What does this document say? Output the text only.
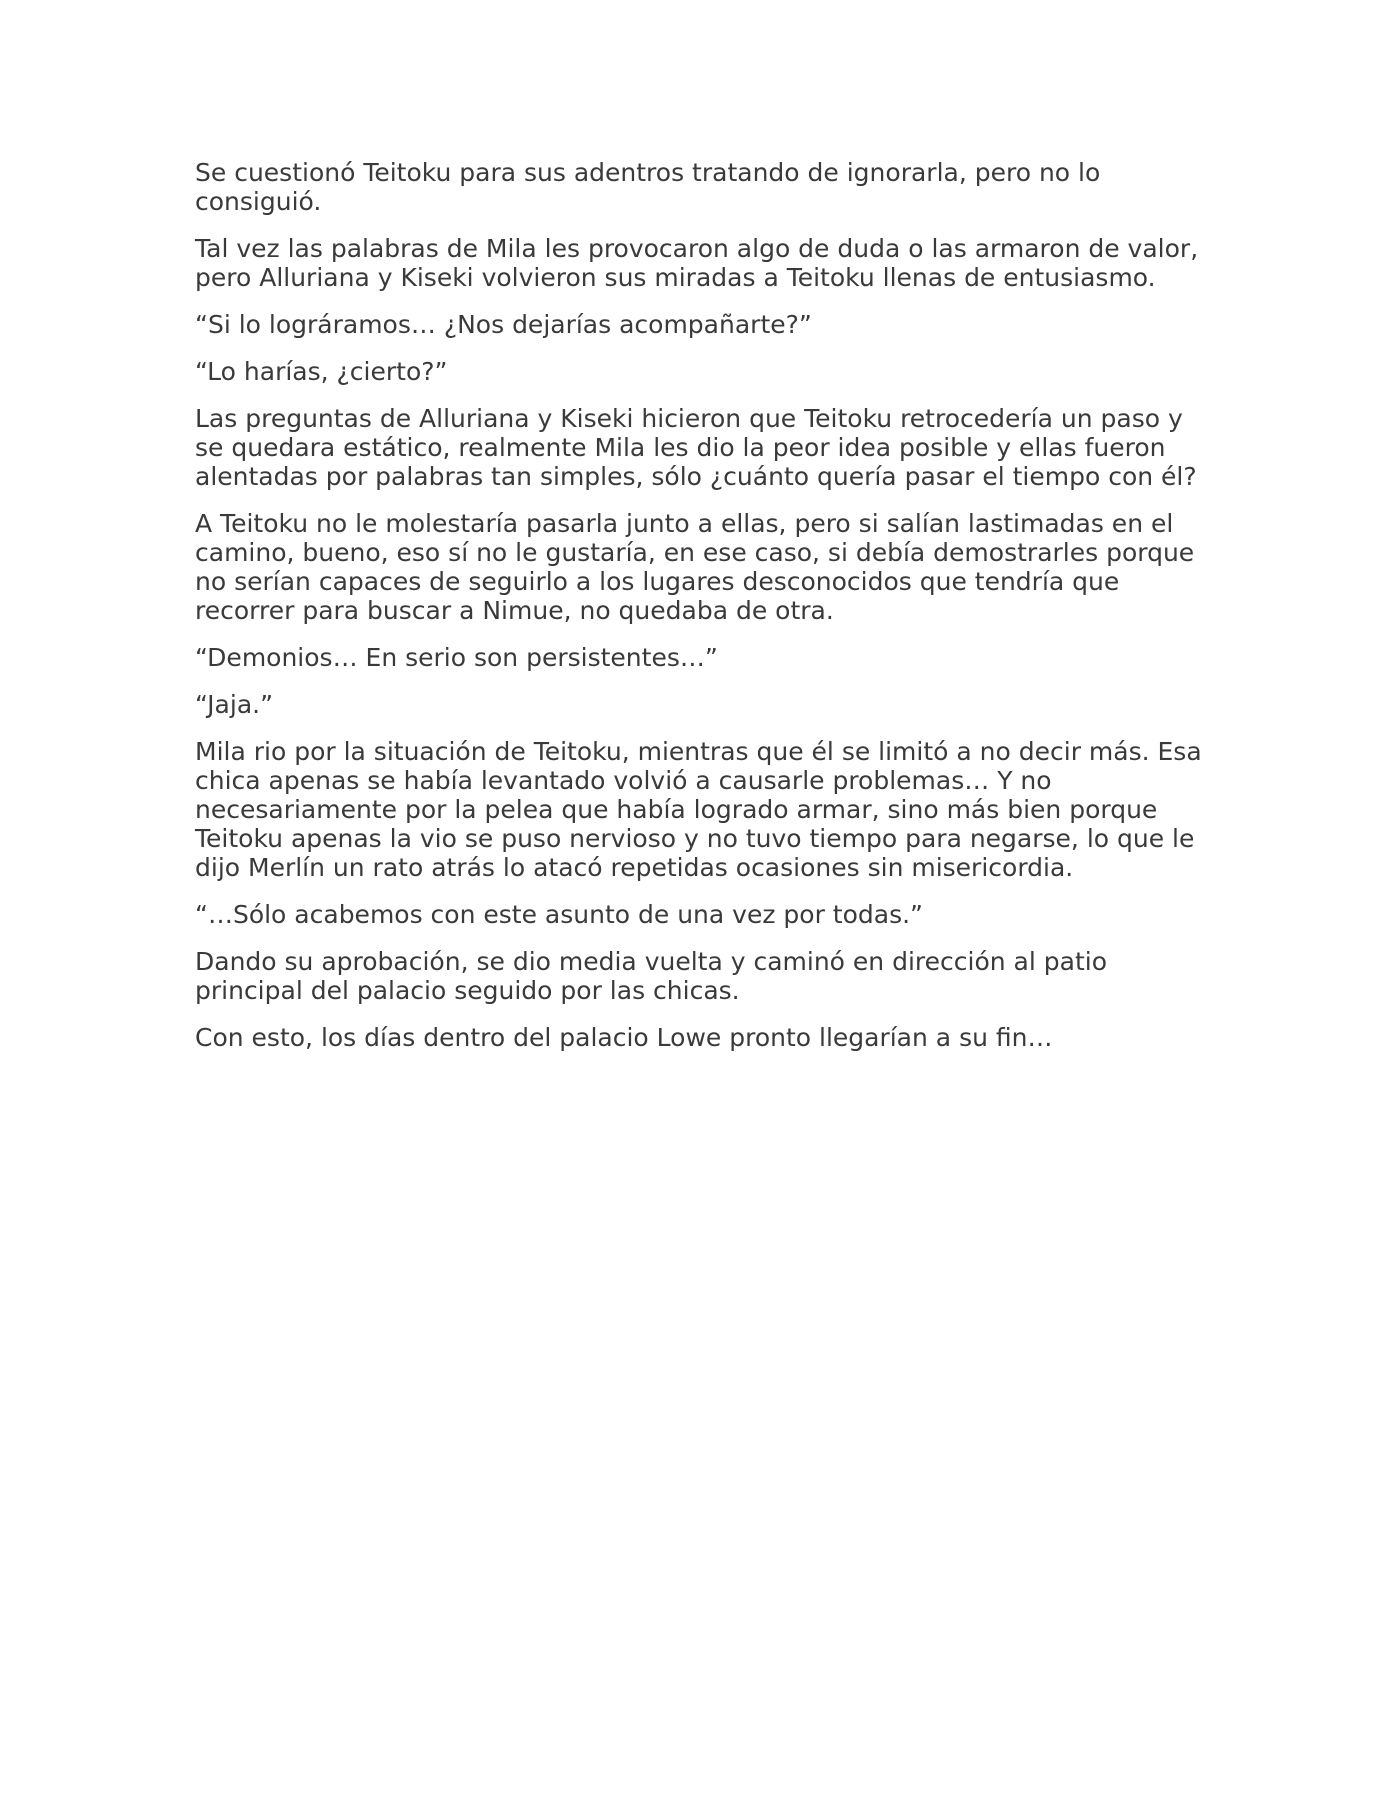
Se cuestionó Teitoku para sus adentros tratando de ignorarla, pero no lo consiguió.

Tal vez las palabras de Mila les provocaron algo de duda o las armaron de valor, pero Alluriana y Kiseki volvieron sus miradas a Teitoku llenas de entusiasmo.

“Si lo lográramos… ¿Nos dejarías acompañarte?”

“Lo harías, ¿cierto?”

Las preguntas de Alluriana y Kiseki hicieron que Teitoku retrocedería un paso y se quedara estático, realmente Mila les dio la peor idea posible y ellas fueron alentadas por palabras tan simples, sólo ¿cuánto quería pasar el tiempo con él?

A Teitoku no le molestaría pasarla junto a ellas, pero si salían lastimadas en el camino, bueno, eso sí no le gustaría, en ese caso, si debía demostrarles porque no serían capaces de seguirlo a los lugares desconocidos que tendría que recorrer para buscar a Nimue, no quedaba de otra.

“Demonios… En serio son persistentes…”

“Jaja.”

Mila rio por la situación de Teitoku, mientras que él se limitó a no decir más. Esa chica apenas se había levantado volvió a causarle problemas… Y no necesariamente por la pelea que había logrado armar, sino más bien porque Teitoku apenas la vio se puso nervioso y no tuvo tiempo para negarse, lo que le dijo Merlín un rato atrás lo atacó repetidas ocasiones sin misericordia.

“…Sólo acabemos con este asunto de una vez por todas.”

Dando su aprobación, se dio media vuelta y caminó en dirección al patio principal del palacio seguido por las chicas.

Con esto, los días dentro del palacio Lowe pronto llegarían a su fin…
